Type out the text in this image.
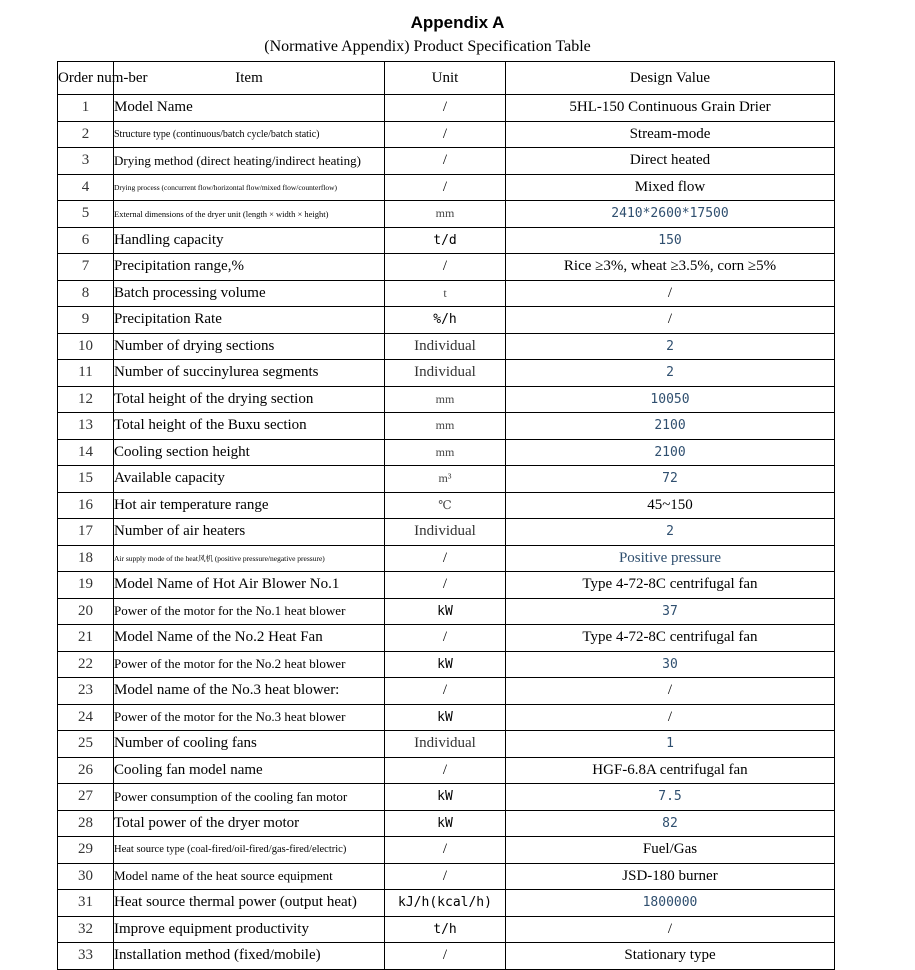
Appendix A
(Normative Appendix) Product Specification Table
Order num-ber	Item	Unit	Design Value
1	Model Name	/	5HL-150 Continuous Grain Drier
2	Structure type (continuous/batch cycle/batch static)	/	Stream-mode
3	Drying method (direct heating/indirect heating)	/	Direct heated
4	Drying process (concurrent flow/horizontal flow/mixed flow/counterflow)	/	Mixed flow
5	External dimensions of the dryer unit (length × width × height)	mm	2410*2600*17500
6	Handling capacity	t/d	150
7	Precipitation range,%	/	Rice ≥3%, wheat ≥3.5%, corn ≥5%
8	Batch processing volume	t	/
9	Precipitation Rate	%/h	/
10	Number of drying sections	Individual	2
11	Number of succinylurea segments	Individual	2
12	Total height of the drying section	mm	10050
13	Total height of the Buxu section	mm	2100
14	Cooling section height	mm	2100
15	Available capacity	m³	72
16	Hot air temperature range	℃	45~150
17	Number of air heaters	Individual	2
18	Air supply mode of the heat风机 (positive pressure/negative pressure)	/	Positive pressure
19	Model Name of Hot Air Blower No.1	/	Type 4-72-8C centrifugal fan
20	Power of the motor for the No.1 heat blower	kW	37
21	Model Name of the No.2 Heat Fan	/	Type 4-72-8C centrifugal fan
22	Power of the motor for the No.2 heat blower	kW	30
23	Model name of the No.3 heat blower:	/	/
24	Power of the motor for the No.3 heat blower	kW	/
25	Number of cooling fans	Individual	1
26	Cooling fan model name	/	HGF-6.8A centrifugal fan
27	Power consumption of the cooling fan motor	kW	7.5
28	Total power of the dryer motor	kW	82
29	Heat source type (coal-fired/oil-fired/gas-fired/electric)	/	Fuel/Gas
30	Model name of the heat source equipment	/	JSD-180 burner
31	Heat source thermal power (output heat)	kJ/h(kcal/h)	1800000
32	Improve equipment productivity	t/h	/
33	Installation method (fixed/mobile)	/	Stationary type
